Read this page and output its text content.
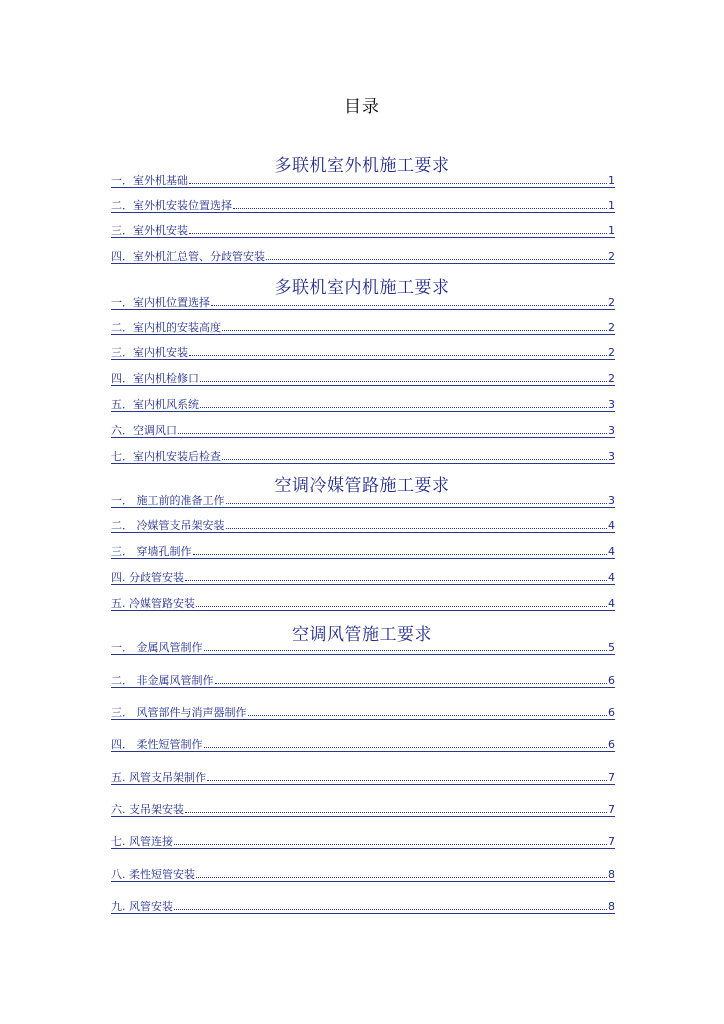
目录
多联机室外机施工要求
一．室外机基础	1
二．室外机安装位置选择	1
三．室外机安装	1
四．室外机汇总管、分歧管安装	2
多联机室内机施工要求
一．室内机位置选择	2
二．室内机的安装高度	2
三．室内机安装	2
四．室内机检修口	2
五．室内机风系统	3
六．空调风口	3
七．室内机安装后检查	3
空调冷媒管路施工要求
一． 施工前的准备工作	3
二． 冷媒管支吊架安装	4
三． 穿墙孔制作	4
四. 分歧管安装	4
五. 冷媒管路安装	4
空调风管施工要求
一． 金属风管制作	5
二． 非金属风管制作	6
三． 风管部件与消声器制作	6
四． 柔性短管制作	6
五. 风管支吊架制作	7
六. 支吊架安装	7
七. 风管连接	7
八. 柔性短管安装	8
九. 风管安装	8
